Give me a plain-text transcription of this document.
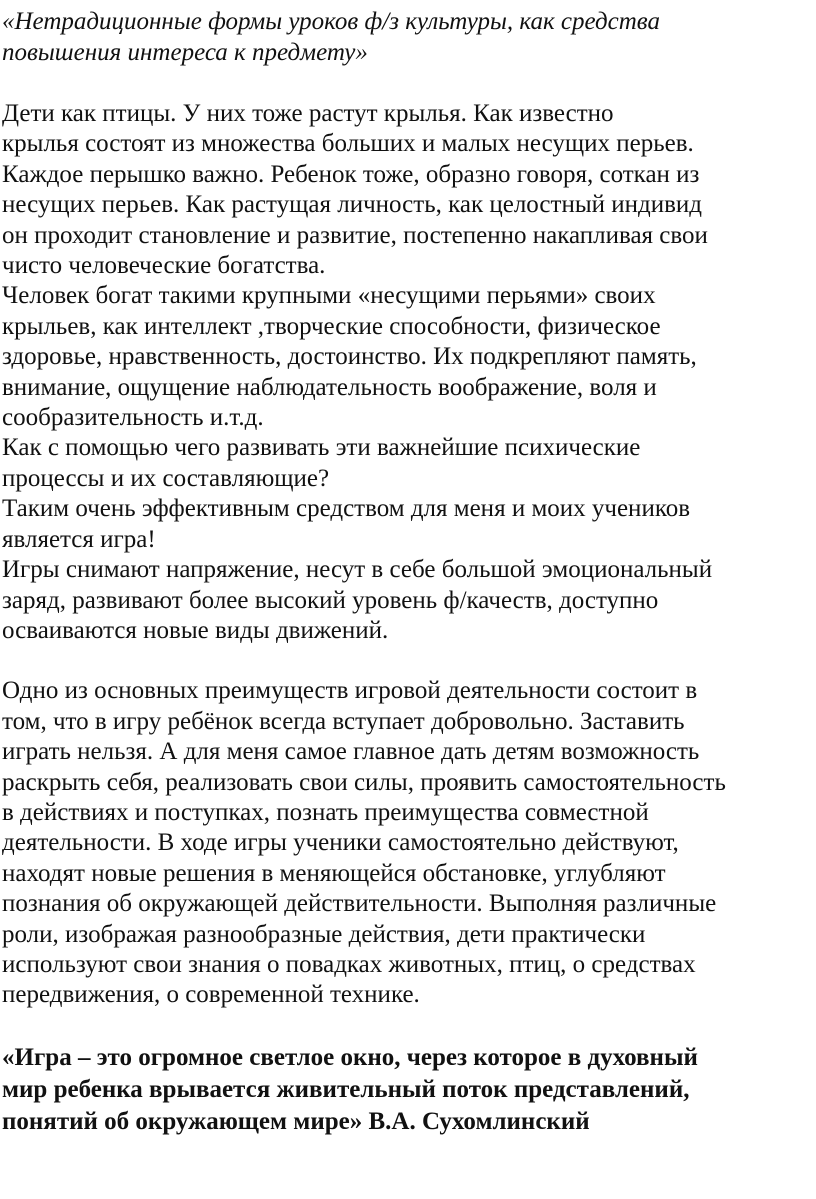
«Нетрадиционные формы уроков ф/з культуры, как средства
повышения интереса к предмету»

Дети как птицы. У них тоже растут крылья. Как известно
крылья состоят из множества больших и малых несущих перьев.
Каждое перышко важно. Ребенок тоже, образно говоря, соткан из
несущих перьев. Как растущая личность, как целостный индивид
он проходит становление и развитие, постепенно накапливая свои
чисто человеческие богатства.
Человек богат такими крупными «несущими перьями» своих
крыльев, как интеллект ,творческие способности, физическое
здоровье, нравственность, достоинство. Их подкрепляют память,
внимание, ощущение наблюдательность воображение, воля и
сообразительность и.т.д.
Как с помощью чего развивать эти важнейшие психические
процессы и их составляющие?
Таким очень эффективным средством для меня и моих учеников
является игра!
Игры снимают напряжение, несут в себе большой эмоциональный
заряд, развивают более высокий уровень ф/качеств, доступно
осваиваются новые виды движений.

Одно из основных преимуществ игровой деятельности состоит в
том, что в игру ребёнок всегда вступает добровольно. Заставить
играть нельзя. А для меня самое главное дать детям возможность
раскрыть себя, реализовать свои силы, проявить самостоятельность
в действиях и поступках, познать преимущества совместной
деятельности. В ходе игры ученики самостоятельно действуют,
находят новые решения в меняющейся обстановке, углубляют
познания об окружающей действительности. Выполняя различные
роли, изображая разнообразные действия, дети практически
используют свои знания о повадках животных, птиц, о средствах
передвижения, о современной технике.

«Игра – это огромное светлое окно, через которое в духовный
мир ребенка врывается живительный поток представлений,
понятий об окружающем мире» В.А. Сухомлинский
